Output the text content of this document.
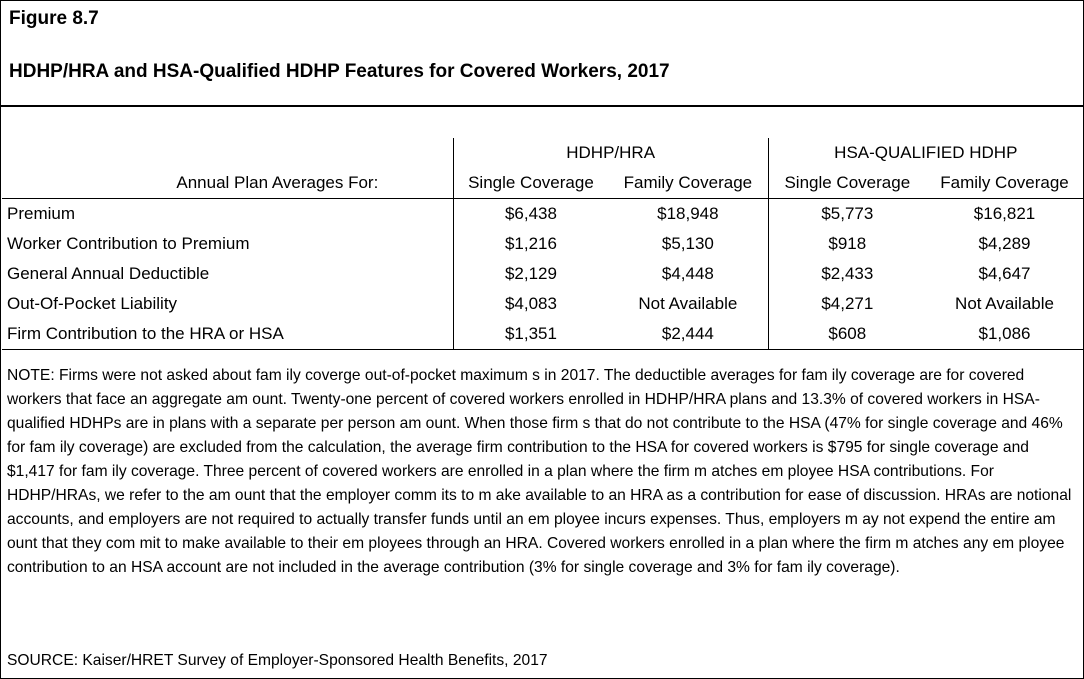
Figure 8.7
HDHP/HRA and HSA-Qualified HDHP Features for Covered Workers, 2017
	HDHP/HRA		HSA-QUALIFIED HDHP	
Annual Plan Averages For:	Single Coverage	Family Coverage	Single Coverage	Family Coverage
Premium	$6,438	$18,948	$5,773	$16,821
Worker Contribution to Premium	$1,216	$5,130	$918	$4,289
General Annual Deductible	$2,129	$4,448	$2,433	$4,647
Out-Of-Pocket Liability	$4,083	Not Available	$4,271	Not Available
Firm Contribution to the HRA or HSA	$1,351	$2,444	$608	$1,086
NOTE: Firms were not asked about fam ily coverge out-of-pocket maximum s in 2017. The deductible averages for fam ily coverage are for covered workers that face an aggregate am ount. Twenty-one percent of covered workers enrolled in HDHP/HRA plans and 13.3% of covered workers in HSA-qualified HDHPs are in plans with a separate per person am ount. When those firm s that do not contribute to the HSA (47% for single coverage and 46% for fam ily coverage) are excluded from the calculation, the average firm contribution to the HSA for covered workers is $795 for single coverage and $1,417 for fam ily coverage. Three percent of covered workers are enrolled in a plan where the firm m atches em ployee HSA contributions. For HDHP/HRAs, we refer to the am ount that the employer comm its to m ake available to an HRA as a contribution for ease of discussion. HRAs are notional accounts, and employers are not required to actually transfer funds until an em ployee incurs expenses. Thus, employers m ay not expend the entire am ount that they com mit to make available to their em ployees through an HRA. Covered workers enrolled in a plan where the firm m atches any em ployee contribution to an HSA account are not included in the average contribution (3% for single coverage and 3% for fam ily coverage).
SOURCE: Kaiser/HRET Survey of Employer-Sponsored Health Benefits, 2017
